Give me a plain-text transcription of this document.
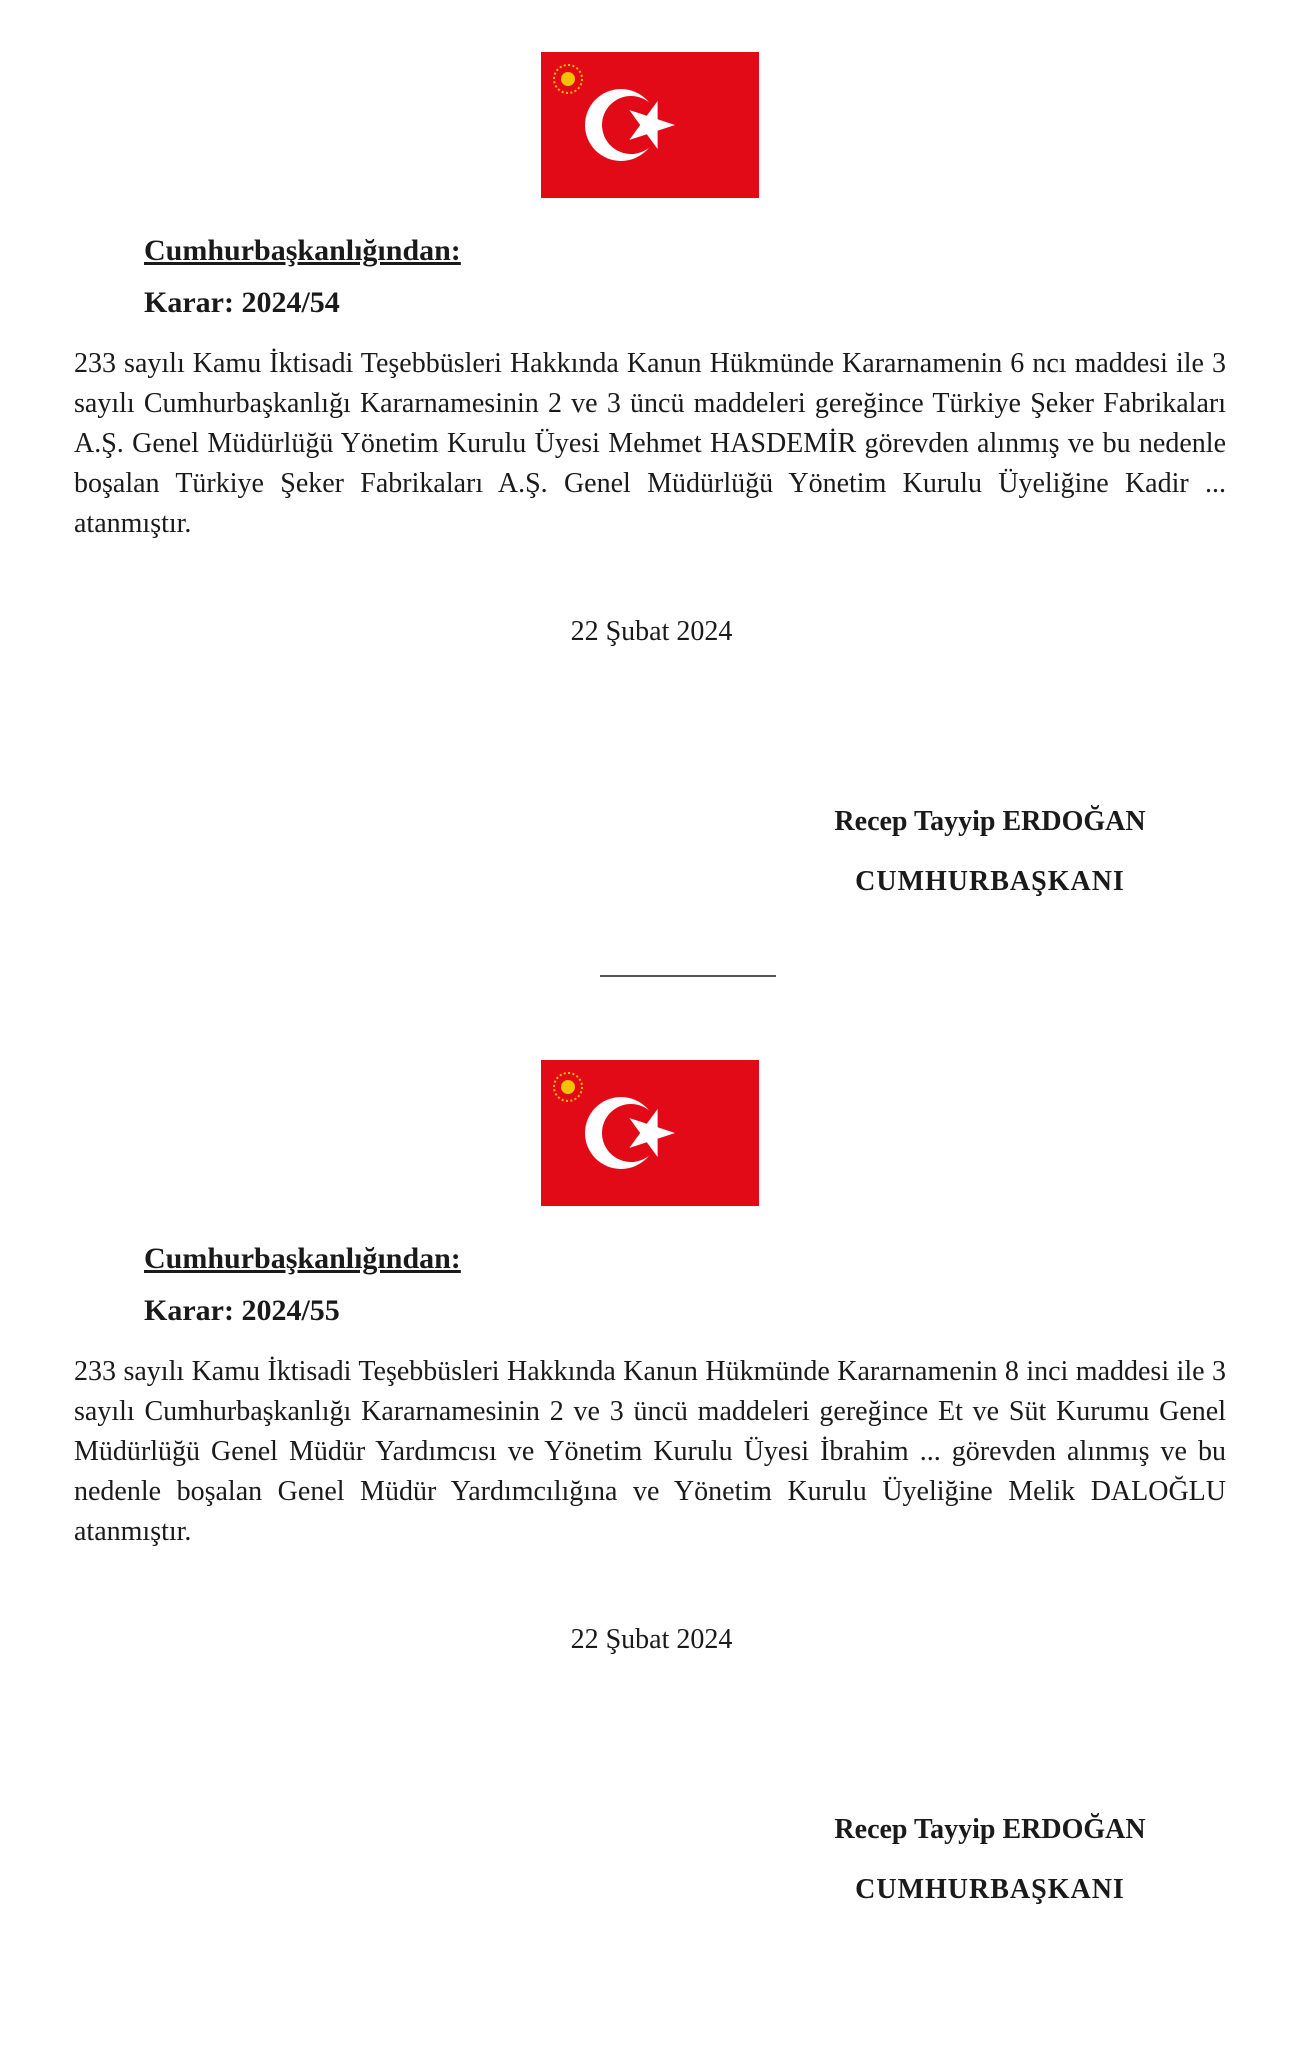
Cumhurbaşkanlığından:
Karar: 2024/54

233 sayılı Kamu İktisadi Teşebbüsleri Hakkında Kanun Hükmünde Kararnamenin 6 ncı maddesi ile 3 sayılı Cumhurbaşkanlığı Kararnamesinin 2 ve 3 üncü maddeleri gereğince Türkiye Şeker Fabrikaları A.Ş. Genel Müdürlüğü Yönetim Kurulu Üyesi Mehmet HASDEMİR görevden alınmış ve bu nedenle boşalan Türkiye Şeker Fabrikaları A.Ş. Genel Müdürlüğü Yönetim Kurulu Üyeliğine Kadir ... atanmıştır.

22 Şubat 2024
Recep Tayyip ERDOĞAN
CUMHURBAŞKANI
Cumhurbaşkanlığından:
Karar: 2024/55

233 sayılı Kamu İktisadi Teşebbüsleri Hakkında Kanun Hükmünde Kararnamenin 8 inci maddesi ile 3 sayılı Cumhurbaşkanlığı Kararnamesinin 2 ve 3 üncü maddeleri gereğince Et ve Süt Kurumu Genel Müdürlüğü Genel Müdür Yardımcısı ve Yönetim Kurulu Üyesi İbrahim ... görevden alınmış ve bu nedenle boşalan Genel Müdür Yardımcılığına ve Yönetim Kurulu Üyeliğine Melik DALOĞLU atanmıştır.

22 Şubat 2024
Recep Tayyip ERDOĞAN
CUMHURBAŞKANI
